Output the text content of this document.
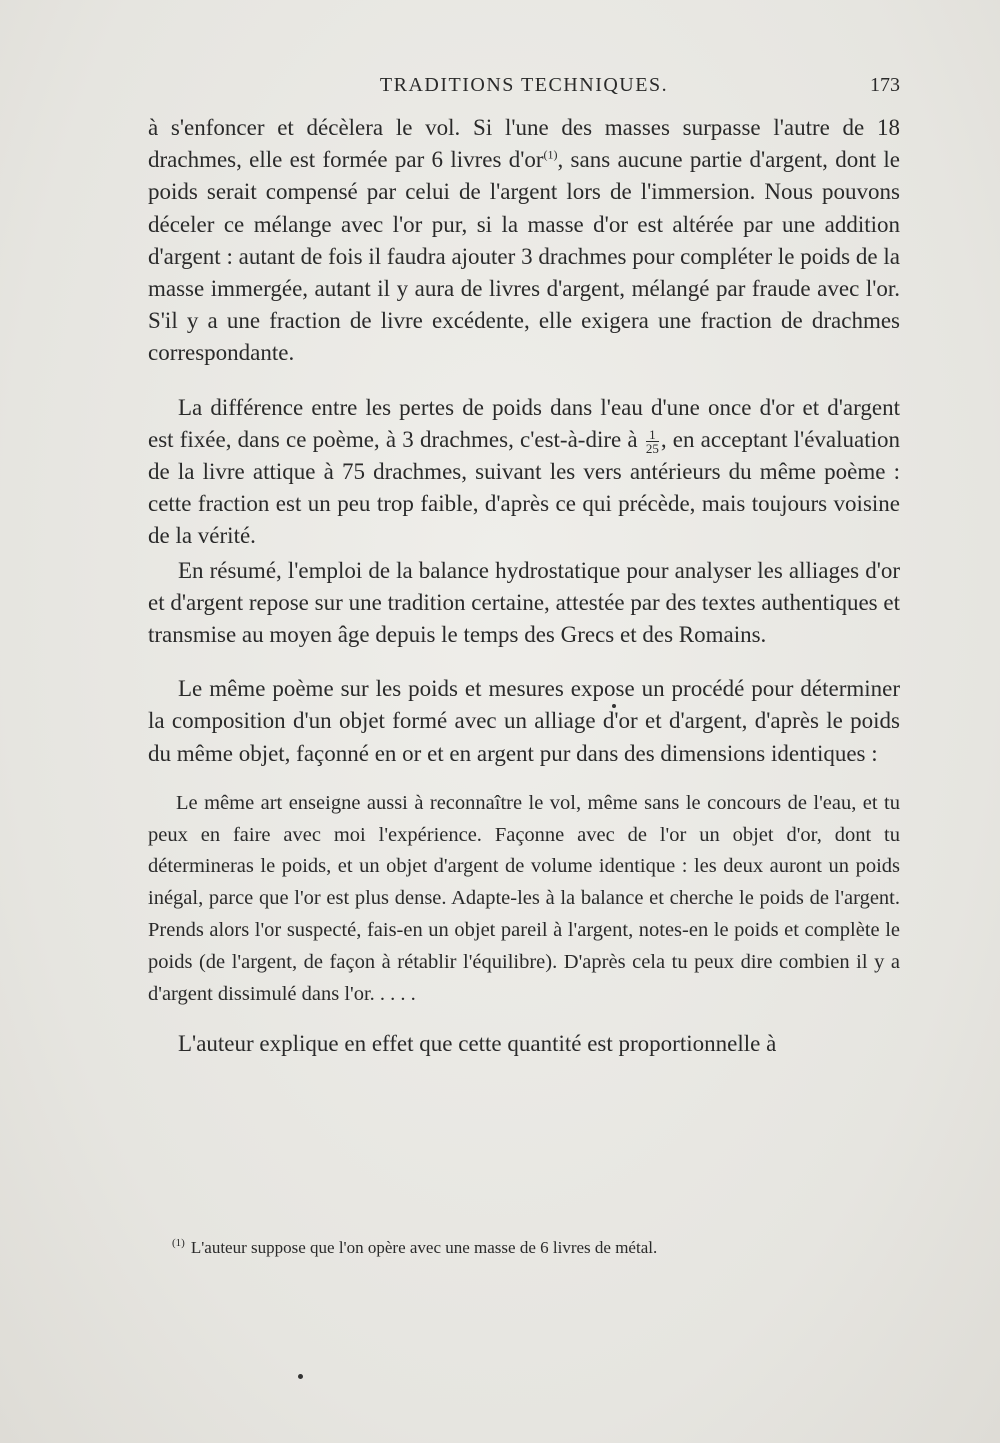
TRADITIONS TECHNIQUES.	173

à s'enfoncer et décèlera le vol. Si l'une des masses surpasse l'autre de 18 drachmes, elle est formée par 6 livres $d'or^{(1)}$, sans aucune partie d'argent, dont le poids serait compensé par celui de l'argent lors de l'immersion. Nous pouvons déceler ce mélange avec l'or pur, si la masse d'or est altérée par une addition d'argent : autant de fois il faudra ajouter 3 drachmes pour compléter le poids de la masse immergée, autant il y aura de livres d'argent, mélangé par fraude avec l'or. S'il y a une fraction de livre excédente, elle exigera une fraction de drachmes correspondante.

La différence entre les pertes de poids dans l'eau d'une once d'or et d'argent est fixée, dans ce poème, à 3 drachmes, c'est-à-dire à $\frac{1}{25}$ , en acceptant l'évaluation de la livre attique à 75 drachmes, suivant les vers antérieurs du même poème : cette fraction est un peu trop faible, d'après ce qui précède, mais toujours voisine de la vérité.

En résumé, l'emploi de la balance hydrostatique pour analyser les alliages d'or et d'argent repose sur une tradition certaine, attestée par des textes authentiques et transmise au moyen âge depuis le temps des Grecs et des Romains.

Le même poème sur les poids et mesures expose un procédé pour déterminer la composition d'un objet formé avec un alliage d'or et d'argent, d'après le poids du même objet, façonné en or et en argent pur dans des dimensions identiques :

Le même art enseigne aussi à reconnaître le vol, même sans le concours de l'eau, et tu peux en faire avec moi l'expérience. Façonne avec de l'or un objet d'or, dont tu détermineras le poids, et un objet d'argent de volume identique : les deux auront un poids inégal, parce que l'or est plus dense. Adapte-les à la balance et cherche le poids de l'argent. Prends alors l'or suspecté, fais-en un objet pareil à l'argent, notes-en le poids et complète le poids (de l'argent, de façon à rétablir l'équilibre). D'après cela tu peux dire combien il y a d'argent dissimulé dans l'or. . . . .

L'auteur explique en effet que cette quantité est proportionnelle à

$^{(1)}$ L'auteur suppose que l'on opère avec une masse de 6 livres de métal.
